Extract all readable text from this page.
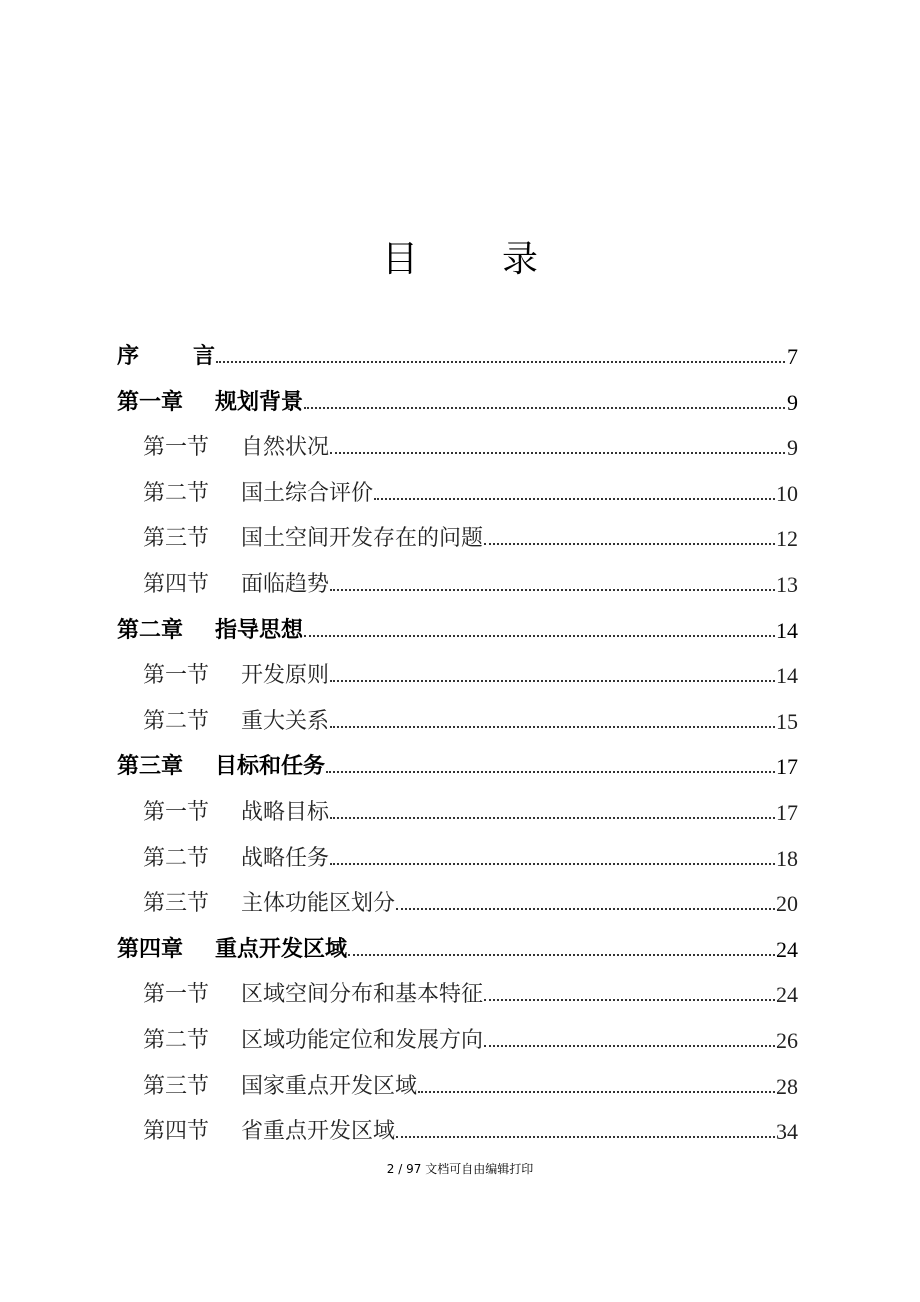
目 录
序 言	7
第一章 规划背景	9
第一节 自然状况	9
第二节 国土综合评价	10
第三节 国土空间开发存在的问题	12
第四节 面临趋势	13
第二章 指导思想	14
第一节 开发原则	14
第二节 重大关系	15
第三章 目标和任务	17
第一节 战略目标	17
第二节 战略任务	18
第三节 主体功能区划分	20
第四章 重点开发区域	24
第一节 区域空间分布和基本特征	24
第二节 区域功能定位和发展方向	26
第三节 国家重点开发区域	28
第四节 省重点开发区域	34
2 / 97 文档可自由编辑打印
